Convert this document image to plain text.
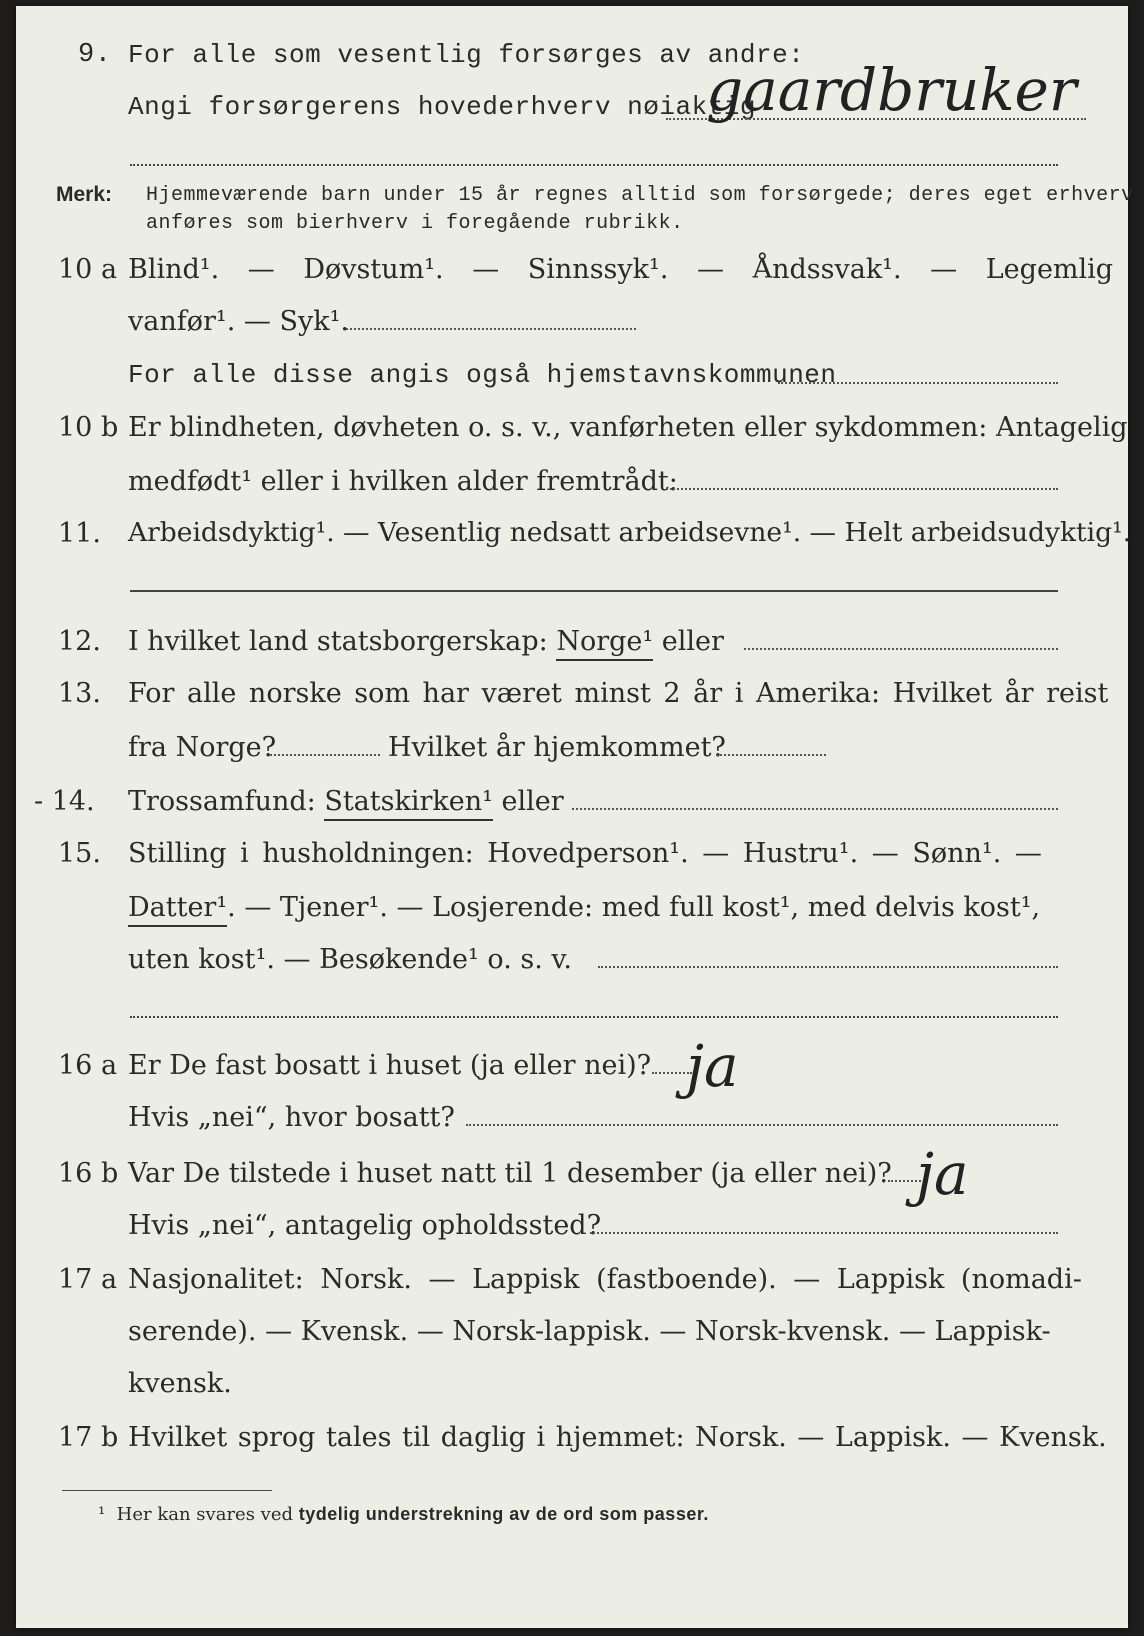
9. For alle som vesentlig forsørges av andre:
Angi forsørgerens hovederhverv nøiaktig
gaardbruker
Merk: Hjemmeværende barn under 15 år regnes alltid som forsørgede; deres eget erhverv
anføres som bierhverv i foregående rubrikk.
10 a Blind¹. — Døvstum¹. — Sinnssyk¹. — Åndssvak¹. — Legemlig
vanfør¹. — Syk¹.
For alle disse angis også hjemstavnskommunen
10 b Er blindheten, døvheten o. s. v., vanførheten eller sykdommen: Antagelig
medfødt¹ eller i hvilken alder fremtrådt:
11. Arbeidsdyktig¹. — Vesentlig nedsatt arbeidsevne¹. — Helt arbeidsudyktig¹.
12. I hvilket land statsborgerskap: Norge¹ eller
13. For alle norske som har været minst 2 år i Amerika: Hvilket år reist
fra Norge?	Hvilket år hjemkommet?
- 14. Trossamfund: Statskirken¹ eller
15. Stilling i husholdningen: Hovedperson¹. — Hustru¹. — Sønn¹. —
Datter¹. — Tjener¹. — Losjerende: med full kost¹, med delvis kost¹,
uten kost¹. — Besøkende¹ o. s. v.
16 a Er De fast bosatt i huset (ja eller nei)? ja
Hvis „nei“, hvor bosatt?
16 b Var De tilstede i huset natt til 1 desember (ja eller nei)? ja
Hvis „nei“, antagelig opholdssted?
17 a Nasjonalitet: Norsk. — Lappisk (fastboende). — Lappisk (nomadi-
serende). — Kvensk. — Norsk-lappisk. — Norsk-kvensk. — Lappisk-
kvensk.
17 b Hvilket sprog tales til daglig i hjemmet: Norsk. — Lappisk. — Kvensk.
¹ Her kan svares ved tydelig understrekning av de ord som passer.
